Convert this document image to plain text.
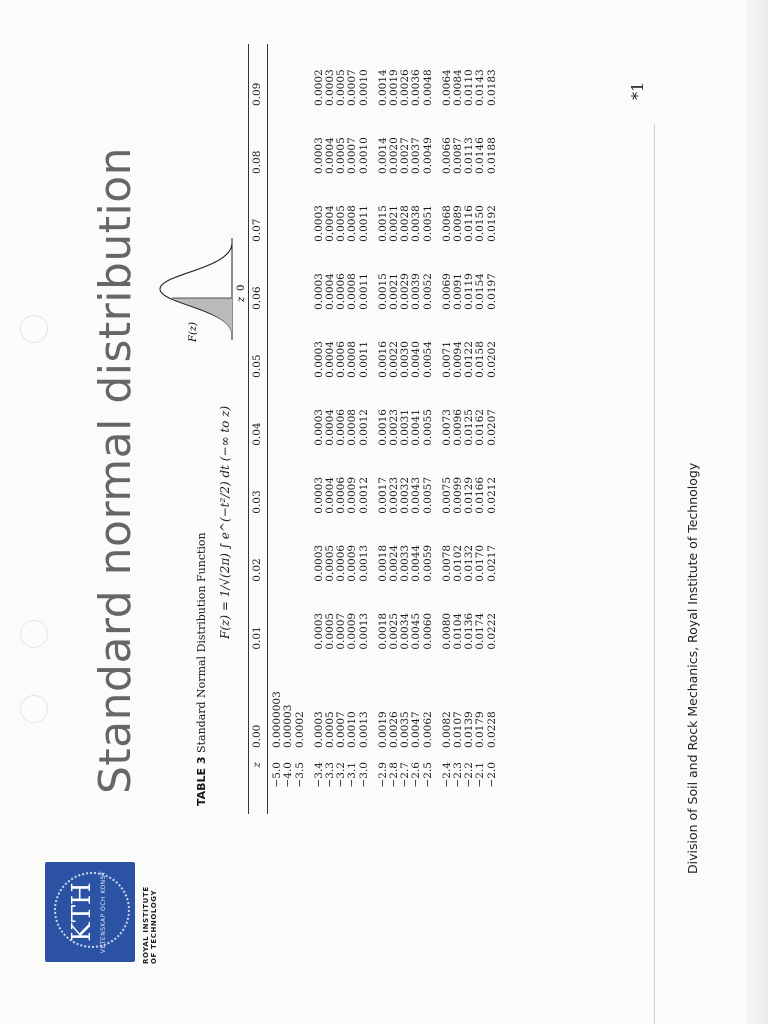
KTH VETENSKAP OCH KONST	ROYAL INSTITUTE OF TECHNOLOGY
Standard normal distribution	TABLE 3 Standard Normal Distribution Function
F(z) = 1/√(2π) ∫ e^(−t²/2) dt (−∞ to z)
F(z)
z
0
z	0.00	0.01	0.02	0.03	0.04	0.05	0.06	0.07	0.08	0.09

−5.0	0.0000003									
−4.0	0.00003									
−3.5	0.0002									

−3.4	0.0003	0.0003	0.0003	0.0003	0.0003	0.0003	0.0003	0.0003	0.0003	0.0002
−3.3	0.0005	0.0005	0.0005	0.0004	0.0004	0.0004	0.0004	0.0004	0.0004	0.0003
−3.2	0.0007	0.0007	0.0006	0.0006	0.0006	0.0006	0.0006	0.0005	0.0005	0.0005
−3.1	0.0010	0.0009	0.0009	0.0009	0.0008	0.0008	0.0008	0.0008	0.0007	0.0007
−3.0	0.0013	0.0013	0.0013	0.0012	0.0012	0.0011	0.0011	0.0011	0.0010	0.0010

−2.9	0.0019	0.0018	0.0018	0.0017	0.0016	0.0016	0.0015	0.0015	0.0014	0.0014
−2.8	0.0026	0.0025	0.0024	0.0023	0.0023	0.0022	0.0021	0.0021	0.0020	0.0019
−2.7	0.0035	0.0034	0.0033	0.0032	0.0031	0.0030	0.0029	0.0028	0.0027	0.0026
−2.6	0.0047	0.0045	0.0044	0.0043	0.0041	0.0040	0.0039	0.0038	0.0037	0.0036
−2.5	0.0062	0.0060	0.0059	0.0057	0.0055	0.0054	0.0052	0.0051	0.0049	0.0048

−2.4	0.0082	0.0080	0.0078	0.0075	0.0073	0.0071	0.0069	0.0068	0.0066	0.0064
−2.3	0.0107	0.0104	0.0102	0.0099	0.0096	0.0094	0.0091	0.0089	0.0087	0.0084
−2.2	0.0139	0.0136	0.0132	0.0129	0.0125	0.0122	0.0119	0.0116	0.0113	0.0110
−2.1	0.0179	0.0174	0.0170	0.0166	0.0162	0.0158	0.0154	0.0150	0.0146	0.0143
−2.0	0.0228	0.0222	0.0217	0.0212	0.0207	0.0202	0.0197	0.0192	0.0188	0.0183
Division of Soil and Rock Mechanics, Royal Institute of Technology
*1
